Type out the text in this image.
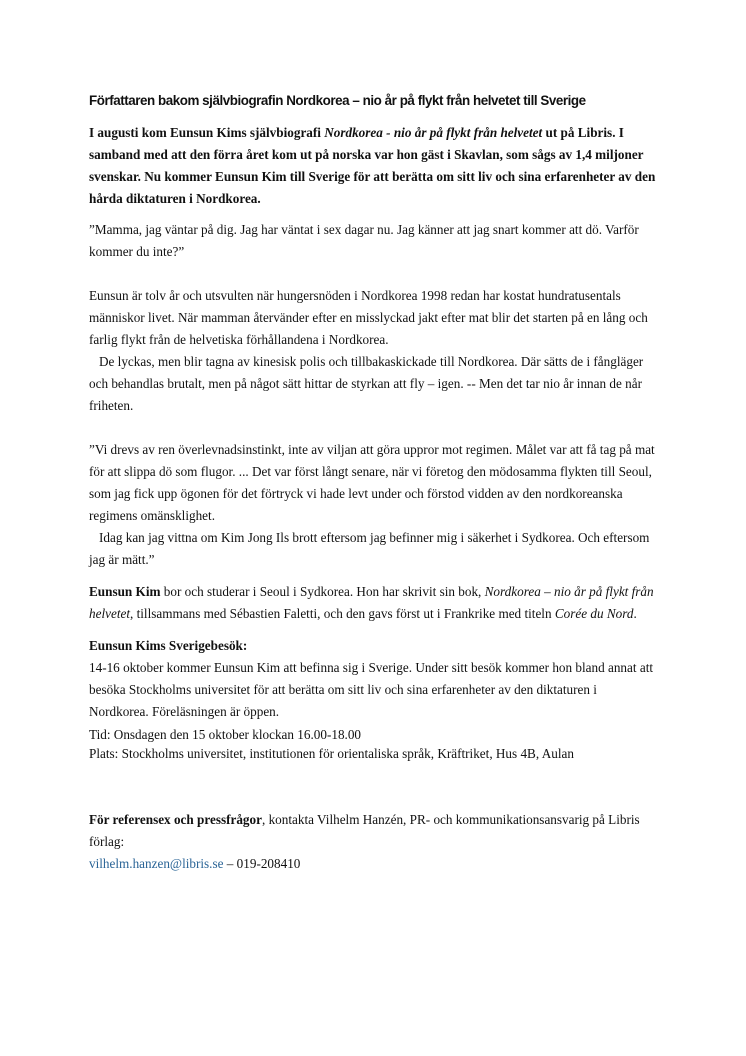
Författaren bakom självbiografin Nordkorea – nio år på flykt från helvetet till Sverige

I augusti kom Eunsun Kims självbiografi Nordkorea - nio år på flykt från helvetet ut på Libris. I samband med att den förra året kom ut på norska var hon gäst i Skavlan, som sågs av 1,4 miljoner svenskar. Nu kommer Eunsun Kim till Sverige för att berätta om sitt liv och sina erfarenheter av den hårda diktaturen i Nordkorea.

”Mamma, jag väntar på dig. Jag har väntat i sex dagar nu. Jag känner att jag snart kommer att dö. Varför kommer du inte?”

Eunsun är tolv år och utsvulten när hungersnöden i Nordkorea 1998 redan har kostat hundratusentals människor livet. När mamman återvänder efter en misslyckad jakt efter mat blir det starten på en lång och farlig flykt från de helvetiska förhållandena i Nordkorea.

De lyckas, men blir tagna av kinesisk polis och tillbakaskickade till Nordkorea. Där sätts de i fångläger och behandlas brutalt, men på något sätt hittar de styrkan att fly – igen. -- Men det tar nio år innan de når friheten.

”Vi drevs av ren överlevnadsinstinkt, inte av viljan att göra uppror mot regimen. Målet var att få tag på mat för att slippa dö som flugor. ... Det var först långt senare, när vi företog den mödosamma flykten till Seoul, som jag fick upp ögonen för det förtryck vi hade levt under och förstod vidden av den nordkoreanska regimens omänsklighet.

Idag kan jag vittna om Kim Jong Ils brott eftersom jag befinner mig i säkerhet i Sydkorea. Och eftersom jag är mätt.”

Eunsun Kim bor och studerar i Seoul i Sydkorea. Hon har skrivit sin bok, Nordkorea – nio år på flykt från helvetet, tillsammans med Sébastien Faletti, och den gavs först ut i Frankrike med titeln Corée du Nord.

Eunsun Kims Sverigebesök:

14-16 oktober kommer Eunsun Kim att befinna sig i Sverige. Under sitt besök kommer hon bland annat att besöka Stockholms universitet för att berätta om sitt liv och sina erfarenheter av den diktaturen i Nordkorea. Föreläsningen är öppen.

Tid: Onsdagen den 15 oktober klockan 16.00-18.00

Plats: Stockholms universitet, institutionen för orientaliska språk, Kräftriket, Hus 4B, Aulan

För referensex och pressfrågor, kontakta Vilhelm Hanzén, PR- och kommunikationsansvarig på Libris förlag:

vilhelm.hanzen@libris.se – 019-208410
